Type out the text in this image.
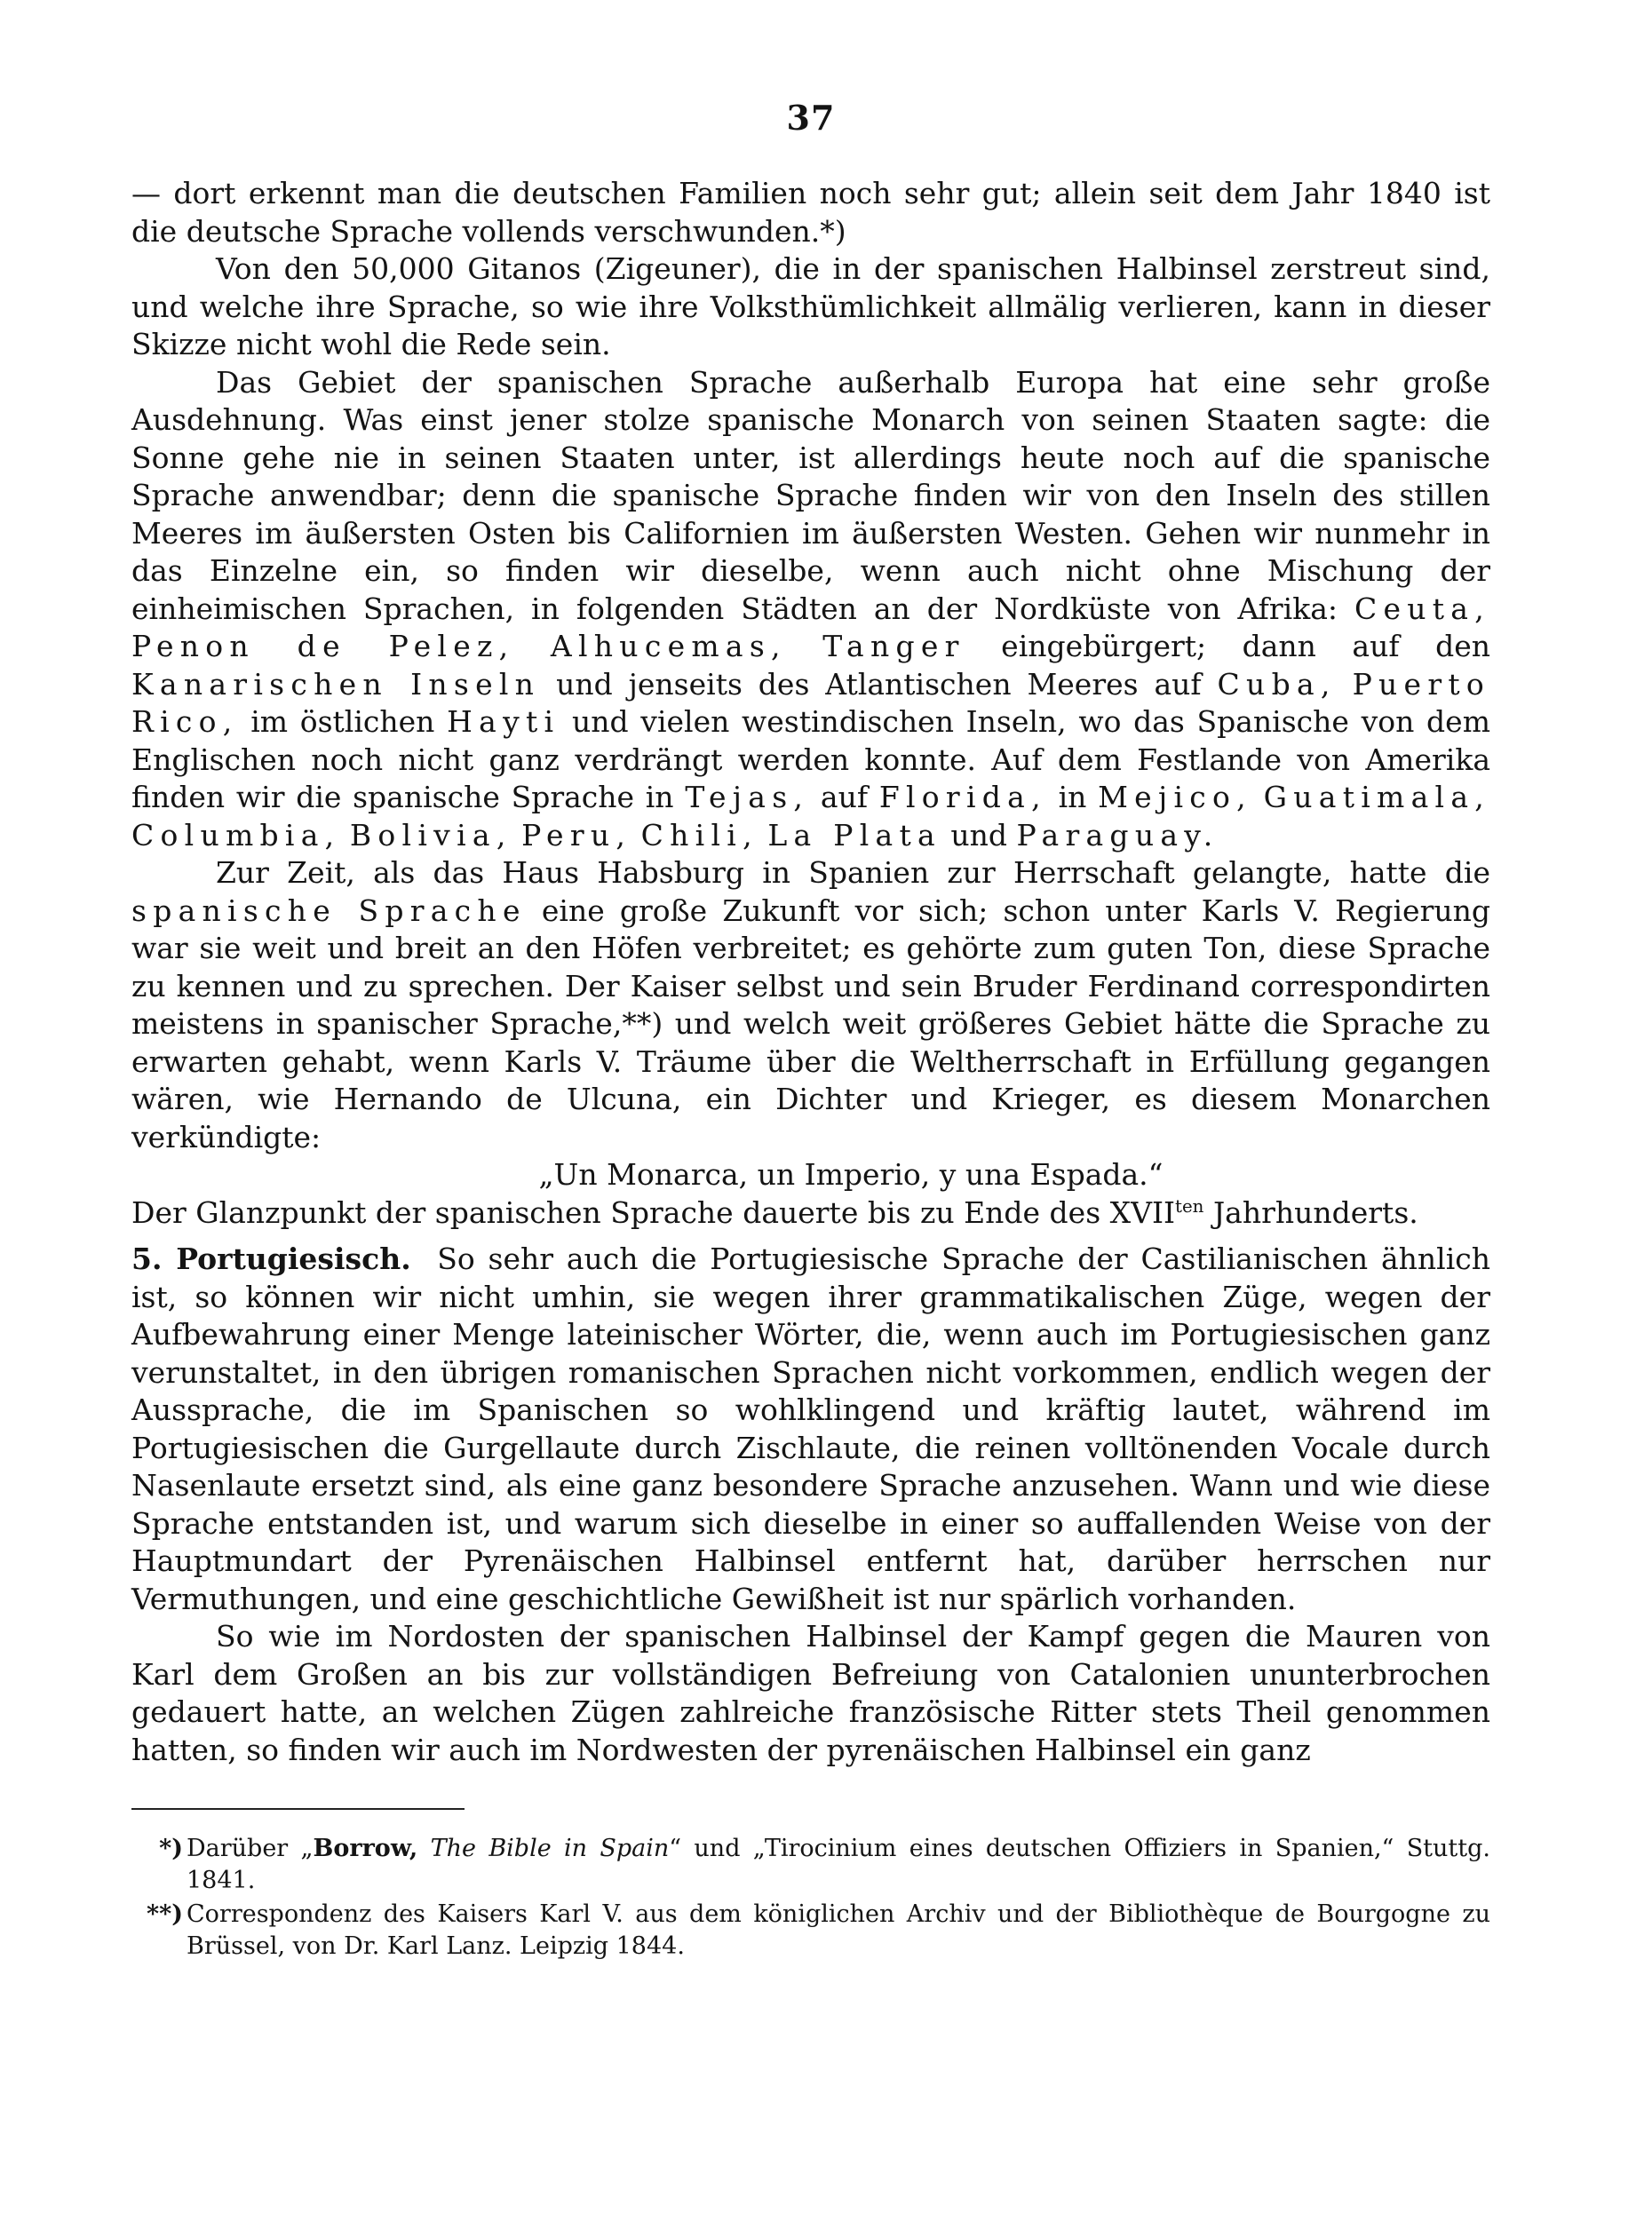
37

— dort erkennt man die deutschen Familien noch sehr gut; allein seit dem Jahr 1840 ist die deutsche Sprache vollends verschwunden.*)

Von den 50,000 Gitanos (Zigeuner), die in der spanischen Halbinsel zerstreut sind, und welche ihre Sprache, so wie ihre Volksthümlichkeit allmälig verlieren, kann in dieser Skizze nicht wohl die Rede sein.

Das Gebiet der spanischen Sprache außerhalb Europa hat eine sehr große Ausdehnung. Was einst jener stolze spanische Monarch von seinen Staaten sagte: die Sonne gehe nie in seinen Staaten unter, ist allerdings heute noch auf die spanische Sprache anwendbar; denn die spanische Sprache finden wir von den Inseln des stillen Meeres im äußersten Osten bis Californien im äußersten Westen. Gehen wir nunmehr in das Einzelne ein, so finden wir dieselbe, wenn auch nicht ohne Mischung der einheimischen Sprachen, in folgenden Städten an der Nordküste von Afrika: Ceuta, Penon de Pelez, Alhucemas, Tanger eingebürgert; dann auf den Kanarischen Inseln und jenseits des Atlantischen Meeres auf Cuba, Puerto Rico, im östlichen Hayti und vielen westindischen Inseln, wo das Spanische von dem Englischen noch nicht ganz verdrängt werden konnte. Auf dem Festlande von Amerika finden wir die spanische Sprache in Tejas, auf Florida, in Mejico, Guatimala, Columbia, Bolivia, Peru, Chili, La Plata und Paraguay.

Zur Zeit, als das Haus Habsburg in Spanien zur Herrschaft gelangte, hatte die spanische Sprache eine große Zukunft vor sich; schon unter Karls V. Regierung war sie weit und breit an den Höfen verbreitet; es gehörte zum guten Ton, diese Sprache zu kennen und zu sprechen. Der Kaiser selbst und sein Bruder Ferdinand correspondirten meistens in spanischer Sprache,**) und welch weit größeres Gebiet hätte die Sprache zu erwarten gehabt, wenn Karls V. Träume über die Weltherrschaft in Erfüllung gegangen wären, wie Hernando de Ulcuna, ein Dichter und Krieger, es diesem Monarchen verkündigte:

„Un Monarca, un Imperio, y una Espada.“

Der Glanzpunkt der spanischen Sprache dauerte bis zu Ende des $XVII^{ten}$ Jahrhunderts.

5. Portugiesisch. So sehr auch die Portugiesische Sprache der Castilianischen ähnlich ist, so können wir nicht umhin, sie wegen ihrer grammatikalischen Züge, wegen der Aufbewahrung einer Menge lateinischer Wörter, die, wenn auch im Portugiesischen ganz verunstaltet, in den übrigen romanischen Sprachen nicht vorkommen, endlich wegen der Aussprache, die im Spanischen so wohlklingend und kräftig lautet, während im Portugiesischen die Gurgellaute durch Zischlaute, die reinen volltönenden Vocale durch Nasenlaute ersetzt sind, als eine ganz besondere Sprache anzusehen. Wann und wie diese Sprache entstanden ist, und warum sich dieselbe in einer so auffallenden Weise von der Hauptmundart der Pyrenäischen Halbinsel entfernt hat, darüber herrschen nur Vermuthungen, und eine geschichtliche Gewißheit ist nur spärlich vorhanden.

So wie im Nordosten der spanischen Halbinsel der Kampf gegen die Mauren von Karl dem Großen an bis zur vollständigen Befreiung von Catalonien ununterbrochen gedauert hatte, an welchen Zügen zahlreiche französische Ritter stets Theil genommen hatten, so finden wir auch im Nordwesten der pyrenäischen Halbinsel ein ganz

*) Darüber „Borrow, The Bible in Spain“ und „Tirocinium eines deutschen Offiziers in Spanien,“ Stuttg. 1841.

**) Correspondenz des Kaisers Karl V. aus dem königlichen Archiv und der Bibliothèque de Bourgogne zu Brüssel, von Dr. Karl Lanz. Leipzig 1844.
